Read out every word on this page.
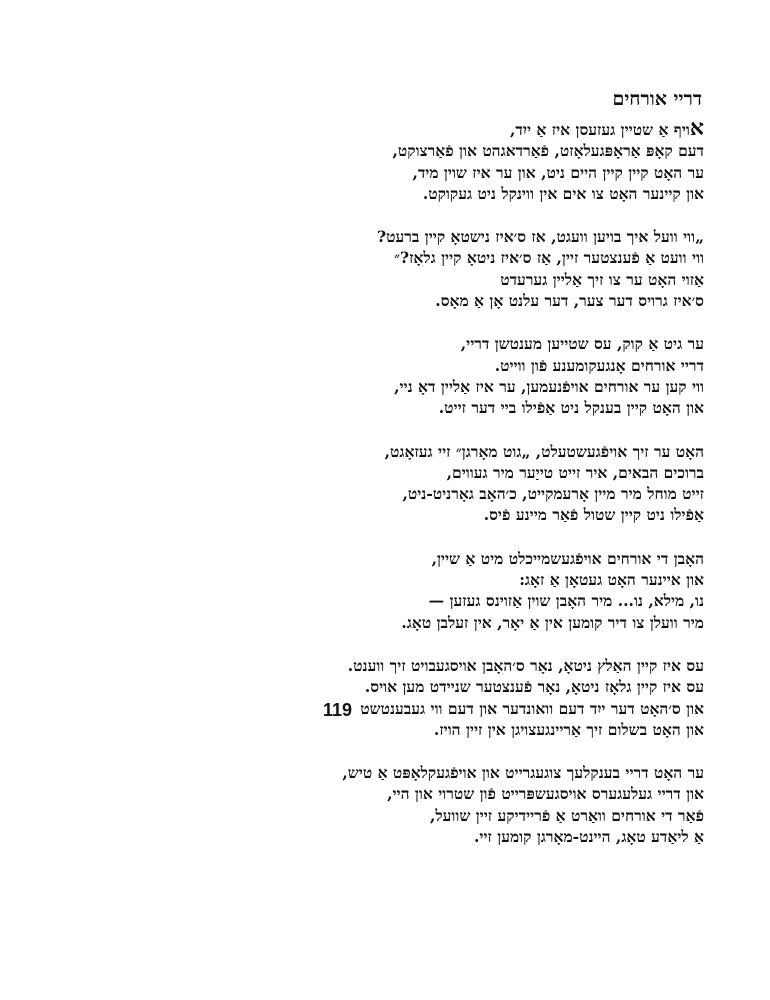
דריי אורחים
אויף אַ שטיין געזעסן איז אַ ייִד,
דעם קאָפּ אַראָפּגעלאָזט, פֿאַרדאגהט און פֿאַרצוקט,
ער האָט קיין קיין היים ניט, און ער איז שוין מיד,
און קיינער האָט צו אים אין ווינקל ניט געקוקט.
„ווי וועל איך בויען וועגט, אז ס׳איז נישטאָ קיין ברעט?
ווי וועט אַ פֿענצטער זיין, אַז ס׳איז ניטאָ קיין גלאָז?״
אַזוי האָט ער צו זיך אַליין גערעדט
ס׳איז גרויס דער צער, דער עלנט אָן אַ מאָס.
ער גיט אַ קוק, עס שטייען מענטשן דריי,
דריי אורחים אָנגעקומענע פֿון ווייט.
ווי קען ער אורחים אויפֿנעמען, ער איז אַליין דאָ ניי,
און האָט קיין בענקל ניט אַפֿילו ביי דער זייט.
האָט ער זיך אויפֿגעשטעלט, „גוט מאָרגן״ זיי געזאָגט,
ברוכים הבאים, איר זייט טייַער מיר געווים,
זייט מוחל מיר מיין אָרעמקייט, כ׳האָב גאָרניט-ניט,
אַפֿילו ניט קיין שטול פֿאַר מיינע פֿיס.
האָבן די אורחים אויפֿגעשמייכלט מיט אַ שיין,
און איינער האָט געטאָן אַ זאָג:
נו, מילא, נו... מיר האָבן שוין אַזוינס געזען —
מיר וועלן צו דיר קומען אין אַ יאָר, אין זעלבן טאָג.
עס איז קיין האַלץ ניטאָ, נאָר ס׳האָבן אויסגעבויט זיך ווענט.
עס איז קיין גלאָז ניטאָ, נאָר פֿענצטער שניידט מען אויס.
און ס׳האָט דער ייִד דעם וואונדער און דעם ווי געבענטשט
און האָט בשלום זיך אַריינגעצויגן אין זיין הויז.
ער האָט דריי בענקלעך צוגעגרייט און אויפֿגעקלאָפּט אַ טיש,
און דריי געלעגערס אויסגעשפּרייט פֿון שטרוי און היי,
פֿאַר די אורחים וואַרט אַ פֿריידיקע זיין שוועל,
אַ ליאַדע טאָג, היינט-מאָרגן קומען זיי.
119
